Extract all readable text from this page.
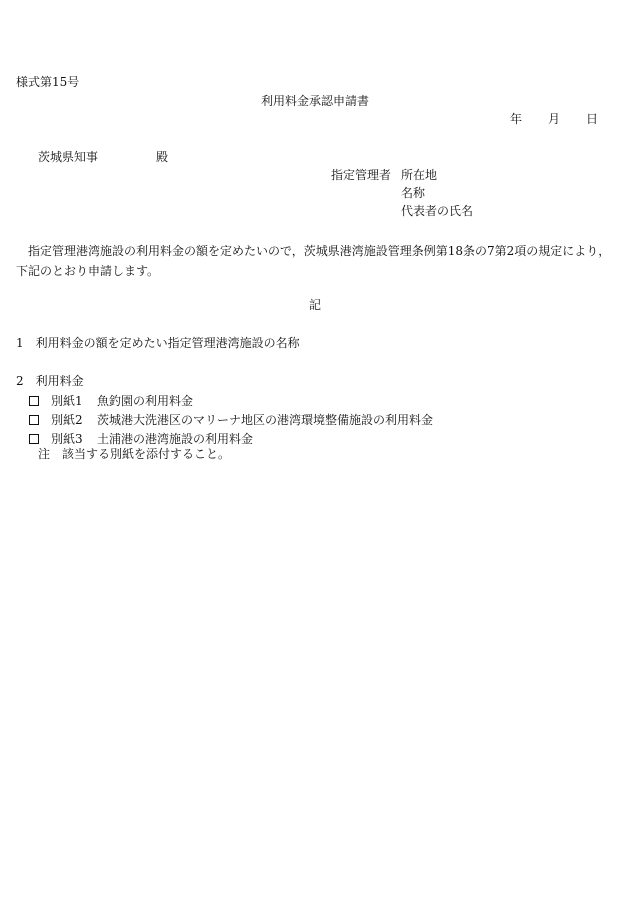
様式第15号
利用料金承認申請書
年 月 日
茨城県知事	殿
指定管理者 所在地
名称
代表者の氏名
指定管理港湾施設の利用料金の額を定めたいので，茨城県港湾施設管理条例第18条の7第2項の規定により，下記のとおり申請します。
記
1　利用料金の額を定めたい指定管理港湾施設の名称
2　利用料金
別紙1	魚釣園の利用料金
別紙2	茨城港大洗港区のマリーナ地区の港湾環境整備施設の利用料金
別紙3	土浦港の港湾施設の利用料金
注 該当する別紙を添付すること。
